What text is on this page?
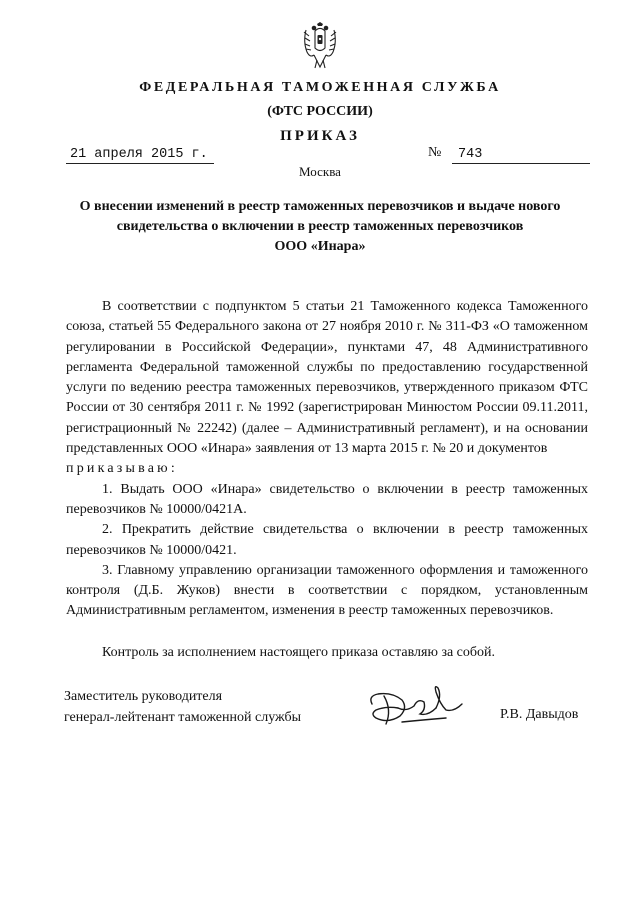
ФЕДЕРАЛЬНАЯ ТАМОЖЕННАЯ СЛУЖБА
(ФТС РОССИИ)
ПРИКАЗ
21 апреля 2015 г.	№	743
Москва
О внесении изменений в реестр таможенных перевозчиков и выдаче нового
свидетельства о включении в реестр таможенных перевозчиков
ООО «Инара»

В соответствии с подпунктом 5 статьи 21 Таможенного кодекса Таможенного союза, статьей 55 Федерального закона от 27 ноября 2010 г. № 311-ФЗ «О таможенном регулировании в Российской Федерации», пунктами 47, 48 Административного регламента Федеральной таможенной службы по предоставлению государственной услуги по ведению реестра таможенных перевозчиков, утвержденного приказом ФТС России от 30 сентября 2011 г. № 1992 (зарегистрирован Минюстом России 09.11.2011, регистрационный № 22242) (далее – Административный регламент), и на основании представленных ООО «Инара» заявления от 13 марта 2015 г. № 20 и документов

приказываю:

1. Выдать ООО «Инара» свидетельство о включении в реестр таможенных перевозчиков № 10000/0421А.

2. Прекратить действие свидетельства о включении в реестр таможенных перевозчиков № 10000/0421.

3. Главному управлению организации таможенного оформления и таможенного контроля (Д.Б. Жуков) внести в соответствии с порядком, установленным Административным регламентом, изменения в реестр таможенных перевозчиков.

Контроль за исполнением настоящего приказа оставляю за собой.

Заместитель руководителя
генерал-лейтенант таможенной службы	Р.В. Давыдов
